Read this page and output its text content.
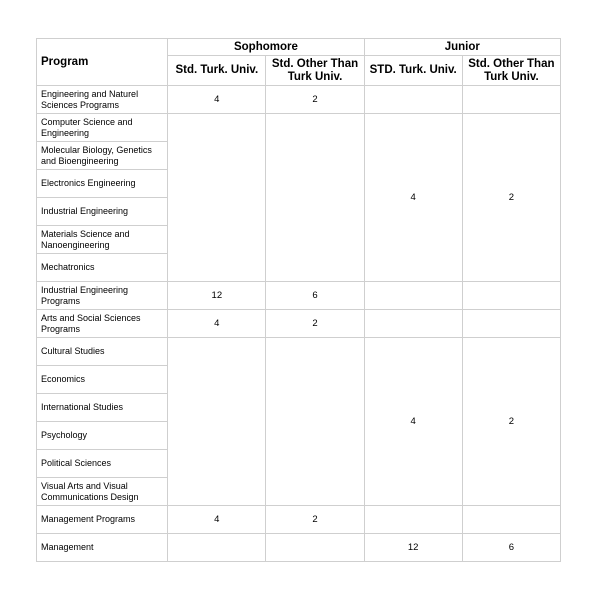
Program	Sophomore		Junior	
	Std. Turk. Univ.	Std. Other Than Turk Univ.	STD. Turk. Univ.	Std. Other Than Turk Univ.
Engineering and Naturel Sciences Programs	4	2		
Computer Science and Engineering			4	2
Molecular Biology, Genetics and Bioengineering				
Electronics Engineering				
Industrial Engineering				
Materials Science and Nanoengineering				
Mechatronics				
Industrial Engineering Programs	12	6		
Arts and Social Sciences Programs	4	2		
Cultural Studies			4	2
Economics				
International Studies				
Psychology				
Political Sciences				
Visual Arts and Visual Communications Design				
Management Programs	4	2		
Management			12	6
